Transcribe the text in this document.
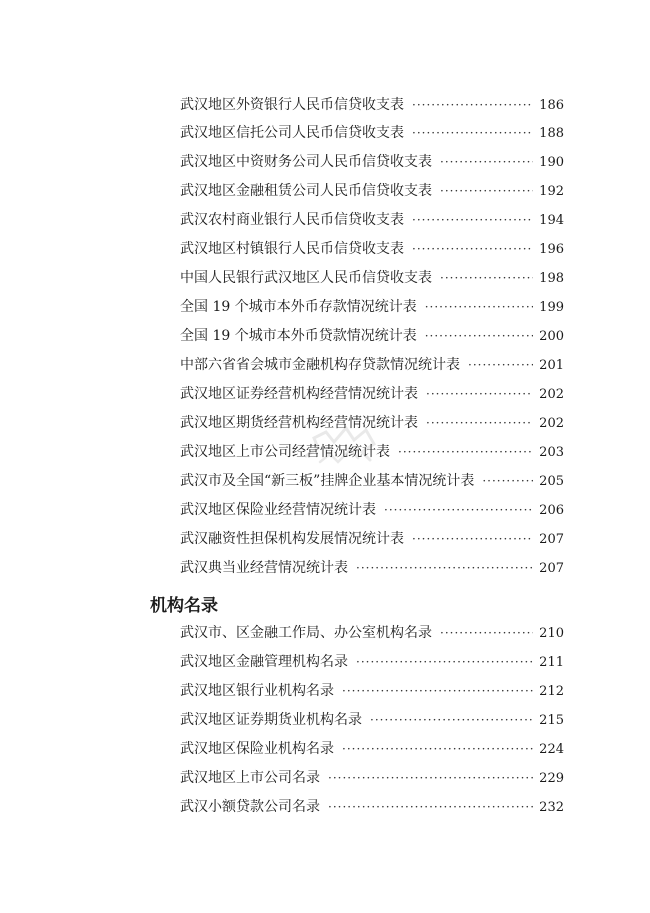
武汉地区外资银行人民币信贷收支表 ·····	186
武汉地区信托公司人民币信贷收支表 ·····	188
武汉地区中资财务公司人民币信贷收支表 ·····	190
武汉地区金融租赁公司人民币信贷收支表 ·····	192
武汉农村商业银行人民币信贷收支表 ·····	194
武汉地区村镇银行人民币信贷收支表 ·····	196
中国人民银行武汉地区人民币信贷收支表 ·····	198
全国 19 个城市本外币存款情况统计表 ·····	199
全国 19 个城市本外币贷款情况统计表 ·····	200
中部六省省会城市金融机构存贷款情况统计表 ·····	201
武汉地区证券经营机构经营情况统计表 ·····	202
武汉地区期货经营机构经营情况统计表 ·····	202
武汉地区上市公司经营情况统计表 ·····	203
武汉市及全国“新三板”挂牌企业基本情况统计表 ·····	205
武汉地区保险业经营情况统计表 ·····	206
武汉融资性担保机构发展情况统计表 ·····	207
武汉典当业经营情况统计表 ·····	207
机构名录
武汉市、区金融工作局、办公室机构名录 ·····	210
武汉地区金融管理机构名录 ·····	211
武汉地区银行业机构名录 ·····	212
武汉地区证券期货业机构名录 ·····	215
武汉地区保险业机构名录 ·····	224
武汉地区上市公司名录 ·····	229
武汉小额贷款公司名录 ·····	232
